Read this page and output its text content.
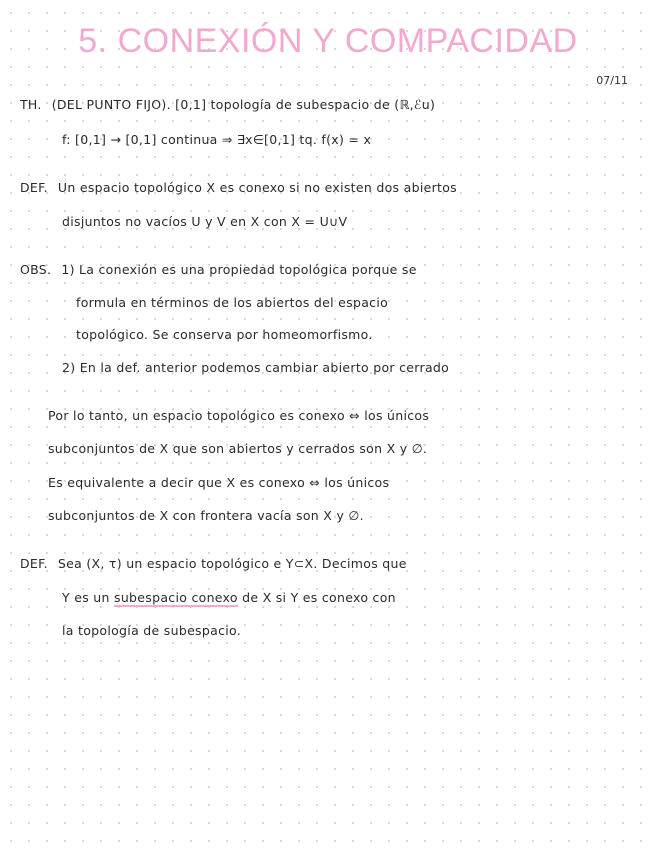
5. CONEXIÓN Y COMPACIDAD
07/11
TH. (DEL PUNTO FIJO). [0,1] topología de subespacio de (ℝ,ℰu)
f: [0,1] → [0,1] continua ⇒ ∃x∈[0,1] tq. f(x) = x
DEF. Un espacio topológico X es conexo si no existen dos abiertos
disjuntos no vacíos U y V en X con X = U∪V
OBS. 1) La conexión es una propiedad topológica porque se
formula en términos de los abiertos del espacio
topológico. Se conserva por homeomorfismo.
2) En la def. anterior podemos cambiar abierto por cerrado
Por lo tanto, un espacio topológico es conexo ⇔ los únicos
subconjuntos de X que son abiertos y cerrados son X y ∅.
Es equivalente a decir que X es conexo ⇔ los únicos
subconjuntos de X con frontera vacía son X y ∅.
DEF. Sea (X, τ) un espacio topológico e Y⊂X. Decimos que
Y es un subespacio conexo de X si Y es conexo con
la topología de subespacio.
